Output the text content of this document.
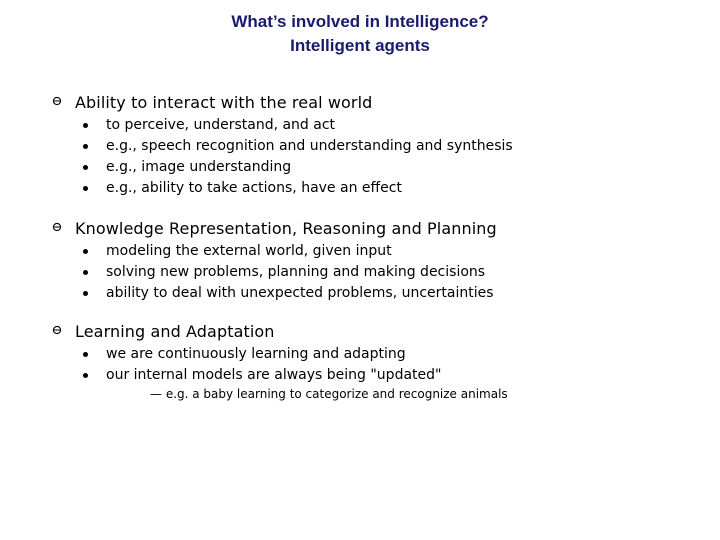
What’s involved in Intelligence?
Intelligent agents
Ability to interact with the real world
to perceive, understand, and act
e.g., speech recognition and understanding and synthesis
e.g., image understanding
e.g., ability to take actions, have an effect
Knowledge Representation, Reasoning and Planning
modeling the external world, given input
solving new problems, planning and making decisions
ability to deal with unexpected problems, uncertainties
Learning and Adaptation
we are continuously learning and adapting
our internal models are always being "updated"
— e.g. a baby learning to categorize and recognize animals
